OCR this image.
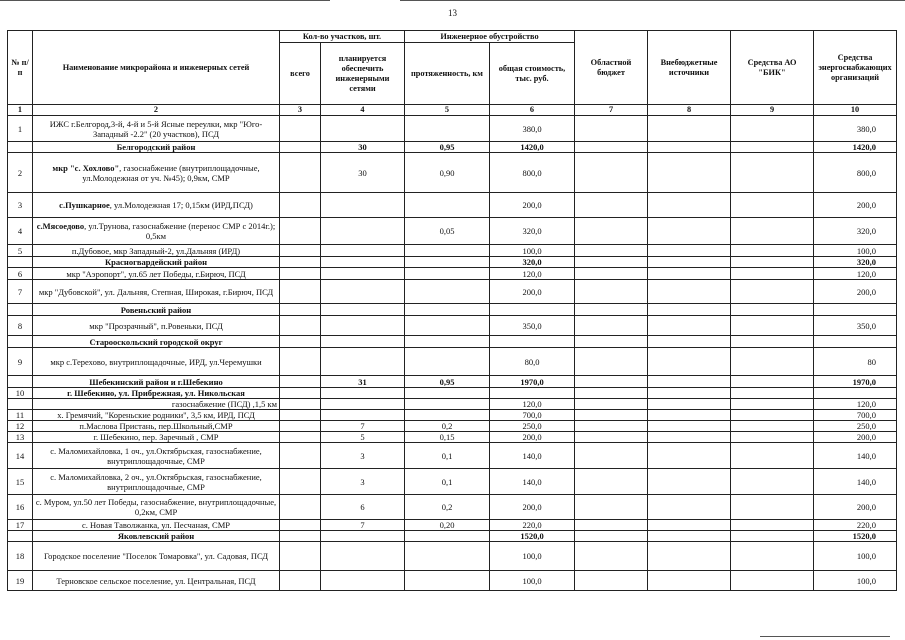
13
№ п/п	Наименование микрорайона и инженерных сетей	Кол-во участков, шт.		Инженерное обустройство		Областной бюджет	Внебюджетные источники	Средства АО "БИК"	Средства энергоснабжающих организаций
		всего	планируется обеспечить инженерными сетями	протяженность, км	общая стоимость, тыс. руб.				
1	2	3	4	5	6	7	8	9	10
1	ИЖС г.Белгород,3-й, 4-й и 5-й Ясные переулки, мкр "Юго-Западный -2.2" (20 участков), ПСД				380,0				380,0
	Белгородский район		30	0,95	1420,0				1420,0
2	мкр "с. Хохлово", газоснабжение (внутриплощадочные, ул.Молодежная от уч. №45); 0,9км, СМР		30	0,90	800,0				800,0
3	с.Пушкарное, ул.Молодежная 17; 0,15км (ИРД,ПСД)				200,0				200,0
4	с.Мясоедово, ул.Трунова, газоснабжение (перенос СМР с 2014г.); 0,5км			0,05	320,0				320,0
5	п.Дубовое, мкр Западный-2, ул.Дальняя (ИРД)				100,0				100,0
	Красногвардейский район				320,0				320,0
6	мкр "Аэропорт", ул.65 лет Победы, г.Бирюч, ПСД				120,0				120,0
7	мкр "Дубовской", ул. Дальняя, Степная, Широкая, г.Бирюч, ПСД				200,0				200,0
	Ровеньский район								
8	мкр "Прозрачный", п.Ровеньки, ПСД				350,0				350,0
	Старооскольский городской округ								
9	мкр с.Терехово, внутриплощадочные, ИРД, ул.Черемушки				80,0				80
	Шебекинский район и г.Шебекино		31	0,95	1970,0				1970,0
10	г. Шебекино, ул. Прибрежная, ул. Никольская								
	газоснабжение (ПСД) ,1,5 км				120,0				120,0
11	х. Гремячий, "Кореньские родники", 3,5 км, ИРД, ПСД				700,0				700,0
12	п.Маслова Пристань, пер.Школьный,СМР		7	0,2	250,0				250,0
13	г. Шебекино, пер. Заречный , СМР		5	0,15	200,0				200,0
14	с. Маломихайловка, 1 оч., ул.Октябрьская, газоснабжение, внутриплощадочные, СМР		3	0,1	140,0				140,0
15	с. Маломихайловка, 2 оч., ул.Октябрьская, газоснабжение, внутриплощадочные, СМР		3	0,1	140,0				140,0
16	с. Муром, ул.50 лет Победы, газоснабжение, внутриплощадочные, 0,2км, СМР		6	0,2	200,0				200,0
17	с. Новая Таволжанка, ул. Песчаная, СМР		7	0,20	220,0				220,0
	Яковлевский район				1520,0				1520,0
18	Городское поселение "Поселок Томаровка", ул. Садовая, ПСД				100,0				100,0
19	Терновское сельское поселение, ул. Центральная, ПСД				100,0				100,0
